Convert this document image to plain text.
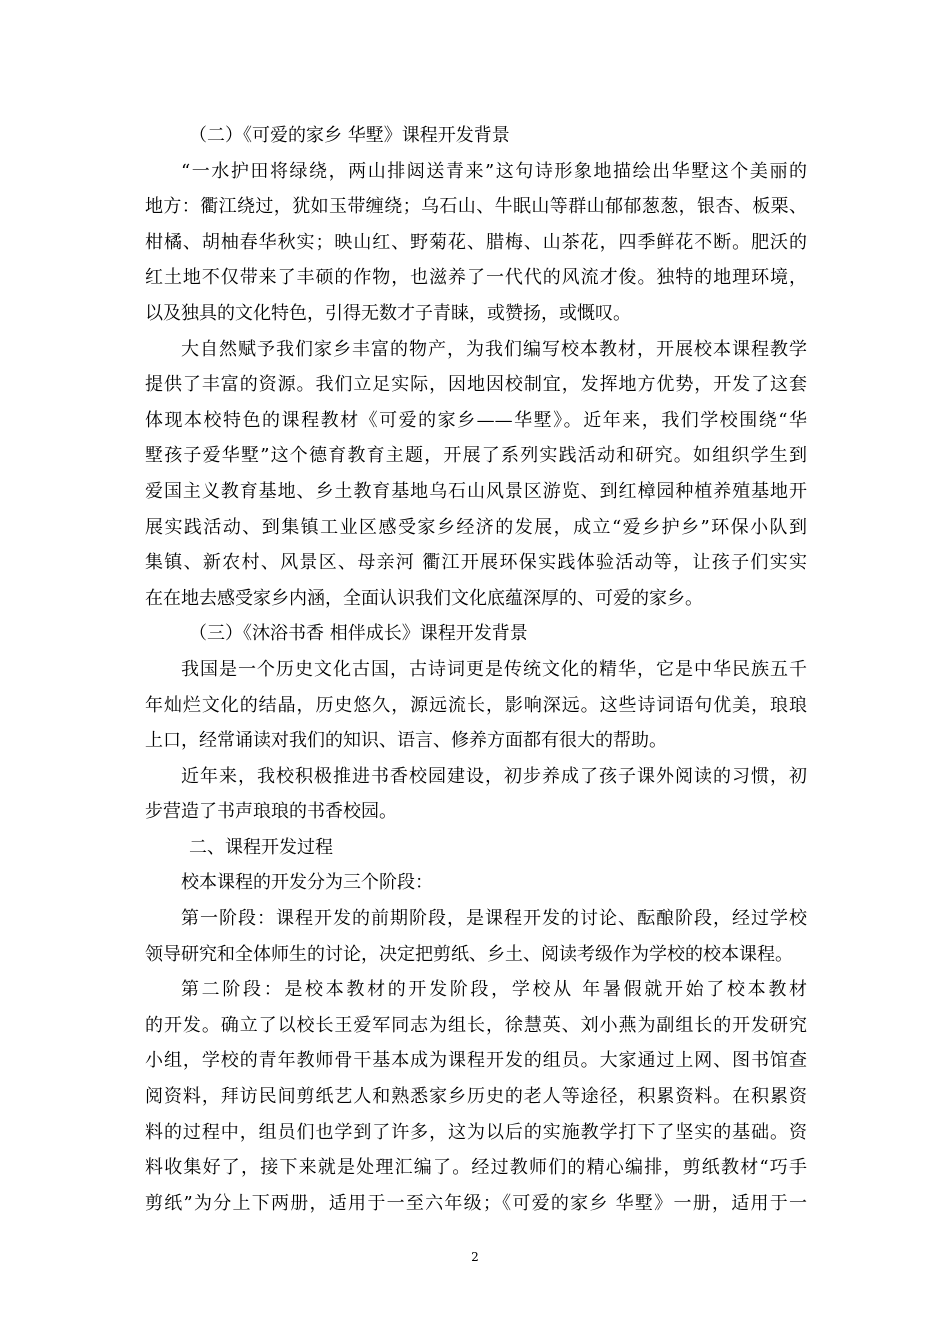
（二）《可爱的家乡 华墅》课程开发背景
“一水护田将绿绕，两山排闼送青来”这句诗形象地描绘出华墅这个美丽的
地方：衢江绕过，犹如玉带缠绕；乌石山、牛眠山等群山郁郁葱葱，银杏、板栗、
柑橘、胡柚春华秋实；映山红、野菊花、腊梅、山茶花，四季鲜花不断。肥沃的
红土地不仅带来了丰硕的作物，也滋养了一代代的风流才俊。独特的地理环境，
以及独具的文化特色，引得无数才子青睐，或赞扬，或慨叹。
大自然赋予我们家乡丰富的物产，为我们编写校本教材，开展校本课程教学
提供了丰富的资源。我们立足实际，因地因校制宜，发挥地方优势，开发了这套
体现本校特色的课程教材《可爱的家乡——华墅》。近年来，我们学校围绕“华
墅孩子爱华墅”这个德育教育主题，开展了系列实践活动和研究。如组织学生到
爱国主义教育基地、乡土教育基地乌石山风景区游览、到红樟园种植养殖基地开
展实践活动、到集镇工业区感受家乡经济的发展，成立“爱乡护乡”环保小队到
集镇、新农村、风景区、母亲河 衢江开展环保实践体验活动等，让孩子们实实
在在地去感受家乡内涵，全面认识我们文化底蕴深厚的、可爱的家乡。
（三）《沐浴书香 相伴成长》课程开发背景
我国是一个历史文化古国，古诗词更是传统文化的精华，它是中华民族五千
年灿烂文化的结晶，历史悠久，源远流长，影响深远。这些诗词语句优美，琅琅
上口，经常诵读对我们的知识、语言、修养方面都有很大的帮助。
近年来，我校积极推进书香校园建设，初步养成了孩子课外阅读的习惯，初
步营造了书声琅琅的书香校园。
二、课程开发过程
校本课程的开发分为三个阶段：
第一阶段：课程开发的前期阶段，是课程开发的讨论、酝酿阶段，经过学校
领导研究和全体师生的讨论，决定把剪纸、乡土、阅读考级作为学校的校本课程。
第二阶段：是校本教材的开发阶段，学校从 年暑假就开始了校本教材
的开发。确立了以校长王爱军同志为组长，徐慧英、刘小燕为副组长的开发研究
小组，学校的青年教师骨干基本成为课程开发的组员。大家通过上网、图书馆查
阅资料，拜访民间剪纸艺人和熟悉家乡历史的老人等途径，积累资料。在积累资
料的过程中，组员们也学到了许多，这为以后的实施教学打下了坚实的基础。资
料收集好了，接下来就是处理汇编了。经过教师们的精心编排，剪纸教材“巧手
剪纸”为分上下两册，适用于一至六年级；《可爱的家乡 华墅》一册，适用于一
2
